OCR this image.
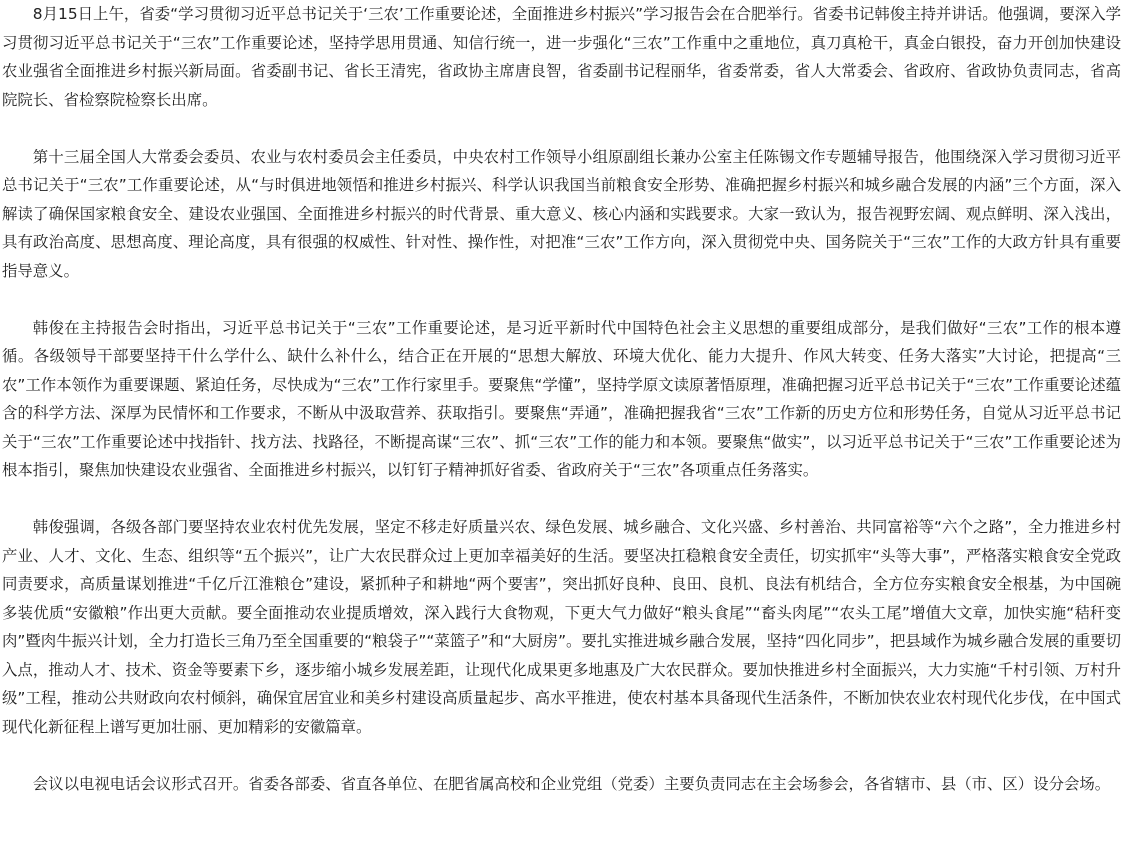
8月15日上午，省委“学习贯彻习近平总书记关于‘三农’工作重要论述，全面推进乡村振兴”学习报告会在合肥举行。省委书记韩俊主持并讲话。他强调，要深入学习贯彻习近平总书记关于“三农”工作重要论述，坚持学思用贯通、知信行统一，进一步强化“三农”工作重中之重地位，真刀真枪干，真金白银投，奋力开创加快建设农业强省全面推进乡村振兴新局面。省委副书记、省长王清宪，省政协主席唐良智，省委副书记程丽华，省委常委，省人大常委会、省政府、省政协负责同志，省高院院长、省检察院检察长出席。

第十三届全国人大常委会委员、农业与农村委员会主任委员，中央农村工作领导小组原副组长兼办公室主任陈锡文作专题辅导报告，他围绕深入学习贯彻习近平总书记关于“三农”工作重要论述，从“与时俱进地领悟和推进乡村振兴、科学认识我国当前粮食安全形势、准确把握乡村振兴和城乡融合发展的内涵”三个方面，深入解读了确保国家粮食安全、建设农业强国、全面推进乡村振兴的时代背景、重大意义、核心内涵和实践要求。大家一致认为，报告视野宏阔、观点鲜明、深入浅出，具有政治高度、思想高度、理论高度，具有很强的权威性、针对性、操作性，对把准“三农”工作方向，深入贯彻党中央、国务院关于“三农”工作的大政方针具有重要指导意义。

韩俊在主持报告会时指出，习近平总书记关于“三农”工作重要论述，是习近平新时代中国特色社会主义思想的重要组成部分，是我们做好“三农”工作的根本遵循。各级领导干部要坚持干什么学什么、缺什么补什么，结合正在开展的“思想大解放、环境大优化、能力大提升、作风大转变、任务大落实”大讨论，把提高“三农”工作本领作为重要课题、紧迫任务，尽快成为“三农”工作行家里手。要聚焦“学懂”，坚持学原文读原著悟原理，准确把握习近平总书记关于“三农”工作重要论述蕴含的科学方法、深厚为民情怀和工作要求，不断从中汲取营养、获取指引。要聚焦“弄通”，准确把握我省“三农”工作新的历史方位和形势任务，自觉从习近平总书记关于“三农”工作重要论述中找指针、找方法、找路径，不断提高谋“三农”、抓“三农”工作的能力和本领。要聚焦“做实”，以习近平总书记关于“三农”工作重要论述为根本指引，聚焦加快建设农业强省、全面推进乡村振兴，以钉钉子精神抓好省委、省政府关于“三农”各项重点任务落实。

韩俊强调，各级各部门要坚持农业农村优先发展，坚定不移走好质量兴农、绿色发展、城乡融合、文化兴盛、乡村善治、共同富裕等“六个之路”，全力推进乡村产业、人才、文化、生态、组织等“五个振兴”，让广大农民群众过上更加幸福美好的生活。要坚决扛稳粮食安全责任，切实抓牢“头等大事”，严格落实粮食安全党政同责要求，高质量谋划推进“千亿斤江淮粮仓”建设，紧抓种子和耕地“两个要害”，突出抓好良种、良田、良机、良法有机结合，全方位夯实粮食安全根基，为中国碗多装优质“安徽粮”作出更大贡献。要全面推动农业提质增效，深入践行大食物观，下更大气力做好“粮头食尾”“畜头肉尾”“农头工尾”增值大文章，加快实施“秸秆变肉”暨肉牛振兴计划，全力打造长三角乃至全国重要的“粮袋子”“菜篮子”和“大厨房”。要扎实推进城乡融合发展，坚持“四化同步”，把县域作为城乡融合发展的重要切入点，推动人才、技术、资金等要素下乡，逐步缩小城乡发展差距，让现代化成果更多地惠及广大农民群众。要加快推进乡村全面振兴，大力实施“千村引领、万村升级”工程，推动公共财政向农村倾斜，确保宜居宜业和美乡村建设高质量起步、高水平推进，使农村基本具备现代生活条件，不断加快农业农村现代化步伐，在中国式现代化新征程上谱写更加壮丽、更加精彩的安徽篇章。

会议以电视电话会议形式召开。省委各部委、省直各单位、在肥省属高校和企业党组（党委）主要负责同志在主会场参会，各省辖市、县（市、区）设分会场。
